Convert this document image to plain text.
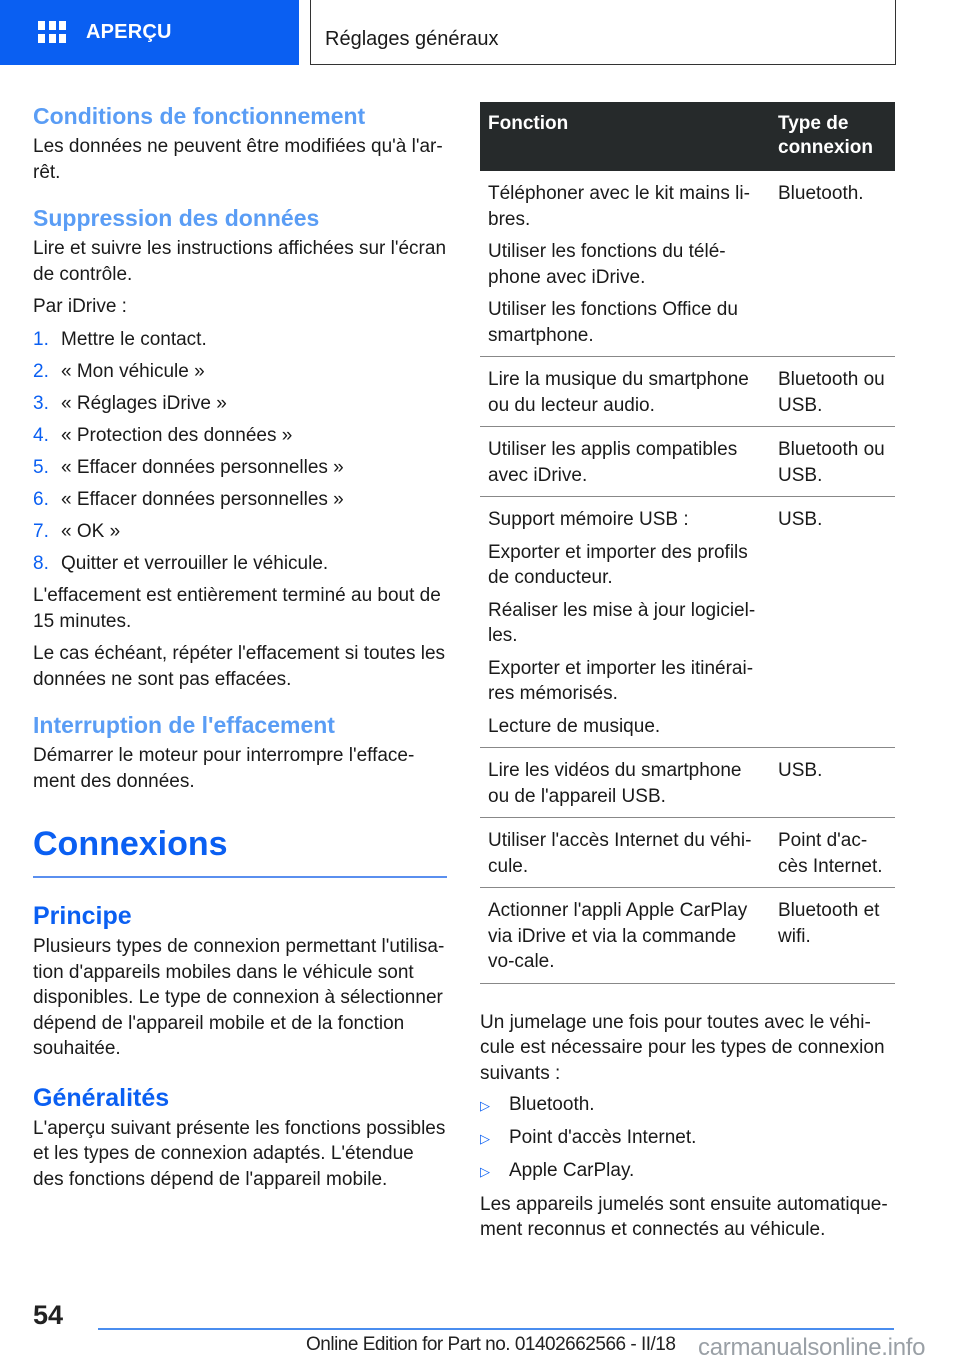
APERÇU	Réglages généraux
Conditions de fonctionnement
Les données ne peuvent être modifiées qu'à l'ar-rêt.
Suppression des données
Lire et suivre les instructions affichées sur l'écran de contrôle.
Par iDrive :
1. Mettre le contact.
2. « Mon véhicule »
3. « Réglages iDrive »
4. « Protection des données »
5. « Effacer données personnelles »
6. « Effacer données personnelles »
7. « OK »
8. Quitter et verrouiller le véhicule.
L'effacement est entièrement terminé au bout de 15 minutes.
Le cas échéant, répéter l'effacement si toutes les données ne sont pas effacées.
Interruption de l'effacement
Démarrer le moteur pour interrompre l'efface-ment des données.
Connexions
Principe
Plusieurs types de connexion permettant l'utilisa-tion d'appareils mobiles dans le véhicule sont disponibles. Le type de connexion à sélectionner dépend de l'appareil mobile et de la fonction souhaitée.
Généralités
L'aperçu suivant présente les fonctions possibles et les types de connexion adaptés. L'étendue des fonctions dépend de l'appareil mobile.
Fonction	Type de connexion

Téléphoner avec le kit mains li-bres.
Utiliser les fonctions du télé-phone avec iDrive.
Utiliser les fonctions Office du smartphone.	Bluetooth.

Lire la musique du smartphone ou du lecteur audio.	Bluetooth ou USB.

Utiliser les applis compatibles avec iDrive.	Bluetooth ou USB.

Support mémoire USB :
Exporter et importer des profils de conducteur.
Réaliser les mise à jour logiciel-les.
Exporter et importer les itinérai-res mémorisés.
Lecture de musique.	USB.

Lire les vidéos du smartphone ou de l'appareil USB.	USB.

Utiliser l'accès Internet du véhi-cule.	Point d'ac-cès Internet.

Actionner l'appli Apple CarPlay via iDrive et via la commande vo-cale.	Bluetooth et wifi.
Un jumelage une fois pour toutes avec le véhi-cule est nécessaire pour les types de connexion suivants :
▷	Bluetooth.
▷	Point d'accès Internet.
▷	Apple CarPlay.
Les appareils jumelés sont ensuite automatique-ment reconnus et connectés au véhicule.
54
Online Edition for Part no. 01402662566 - II/18 carmanualsonline.info
